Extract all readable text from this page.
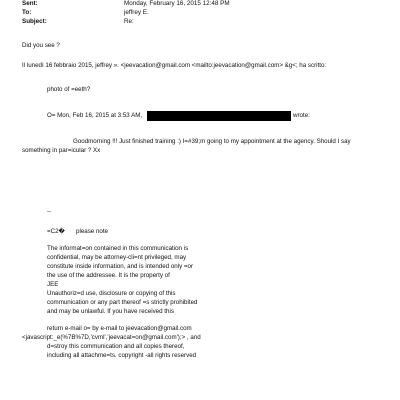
Sent:	Monday, February 16, 2015 12:48 PM
To:	jeffrey E.
Subject:	Re:
Did you see ?
Il lunedì 16 febbraio 2015, jeffrey ». <jeevacation@gmail.com <mailto:jeevacation@gmail.com> &g<; ha scritto:
photo of =eeth?
O= Mon, Feb 16, 2015 at 3:53 AM,	wrote:
Goodmorning !!! Just finished training :) I=#39;m going to my appointment at the agency. Should I say
something in par=icular ? Xx
--
=C2� please note
The informat=on contained in this communication is
confidential, may be attorney-cli=nt privileged, may
constitute inside information, and is intended only =or
the use of the addressee. It is the property of
JEE
Unauthoriz=d use, disclosure or copying of this
communication or any part thereof =s strictly prohibited
and may be unlawful. If you have received this
return e-mail o= by e-mail to jeevacation@gmail.com
<javascript:_e(%7B%7D,'cvml','jeevacat=on@gmail.com');> , and
d=stroy this communication and all copies thereof,
including all attachme=ts. copyright -all rights reserved
